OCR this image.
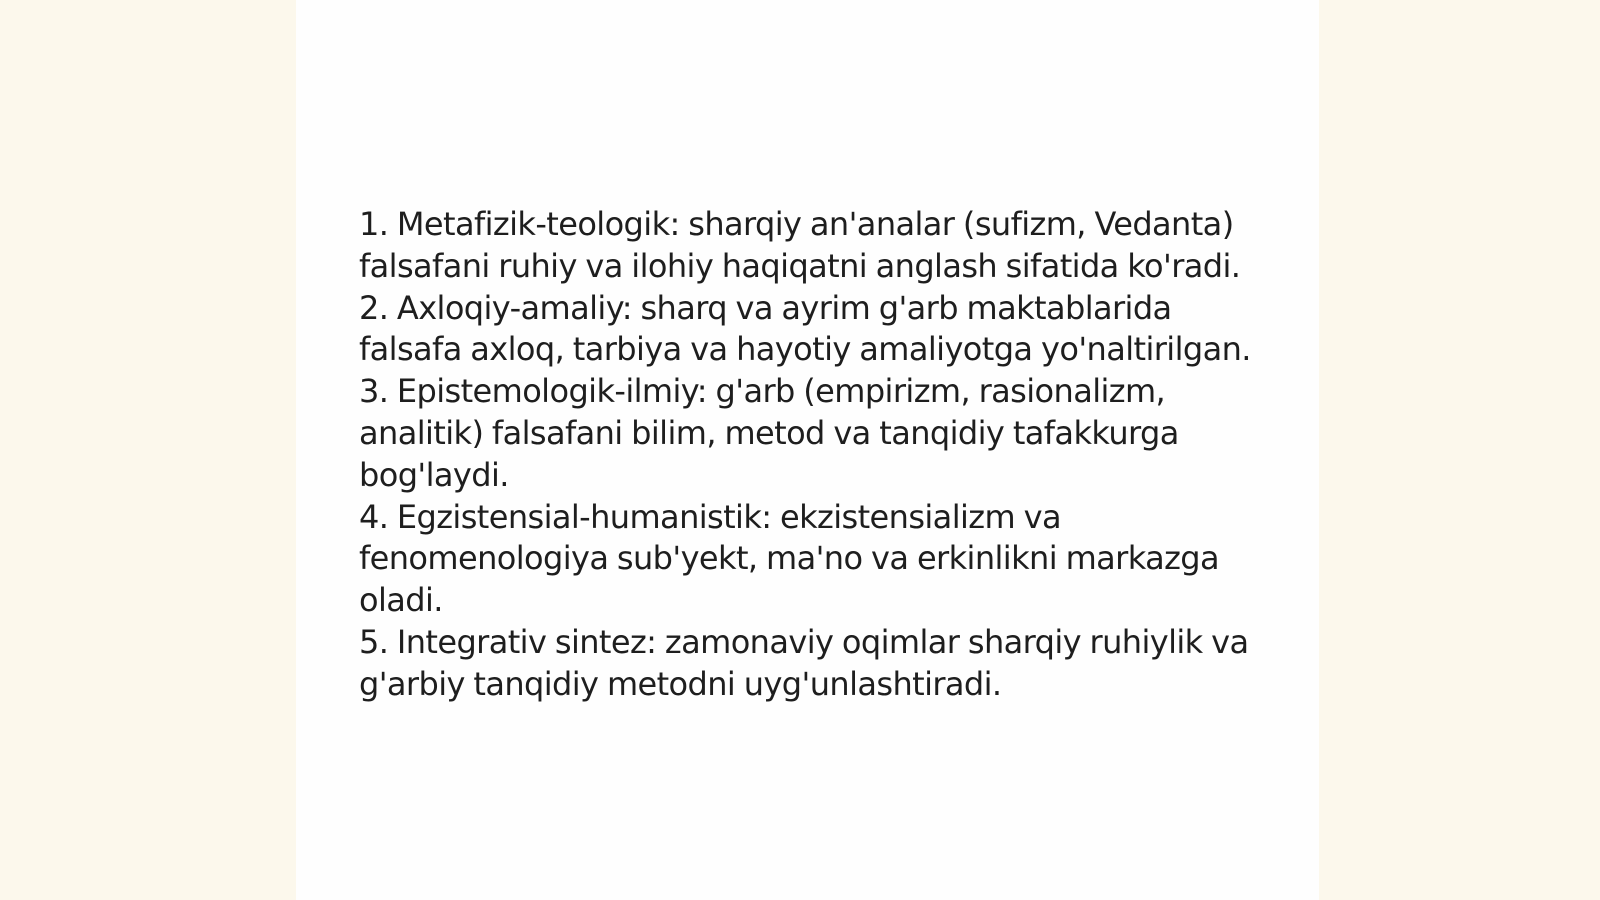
1. Metafizik-teologik: sharqiy an'analar (sufizm, Vedanta) falsafani ruhiy va ilohiy haqiqatni anglash sifatida ko'radi.

2. Axloqiy-amaliy: sharq va ayrim g'arb maktablarida falsafa axloq, tarbiya va hayotiy amaliyotga yo'naltirilgan.

3. Epistemologik-ilmiy: g'arb (empirizm, rasionalizm, analitik) falsafani bilim, metod va tanqidiy tafakkurga bog'laydi.

4. Egzistensial-humanistik: ekzistensializm va fenomenologiya sub'yekt, ma'no va erkinlikni markazga oladi.

5. Integrativ sintez: zamonaviy oqimlar sharqiy ruhiylik va g'arbiy tanqidiy metodni uyg'unlashtiradi.
